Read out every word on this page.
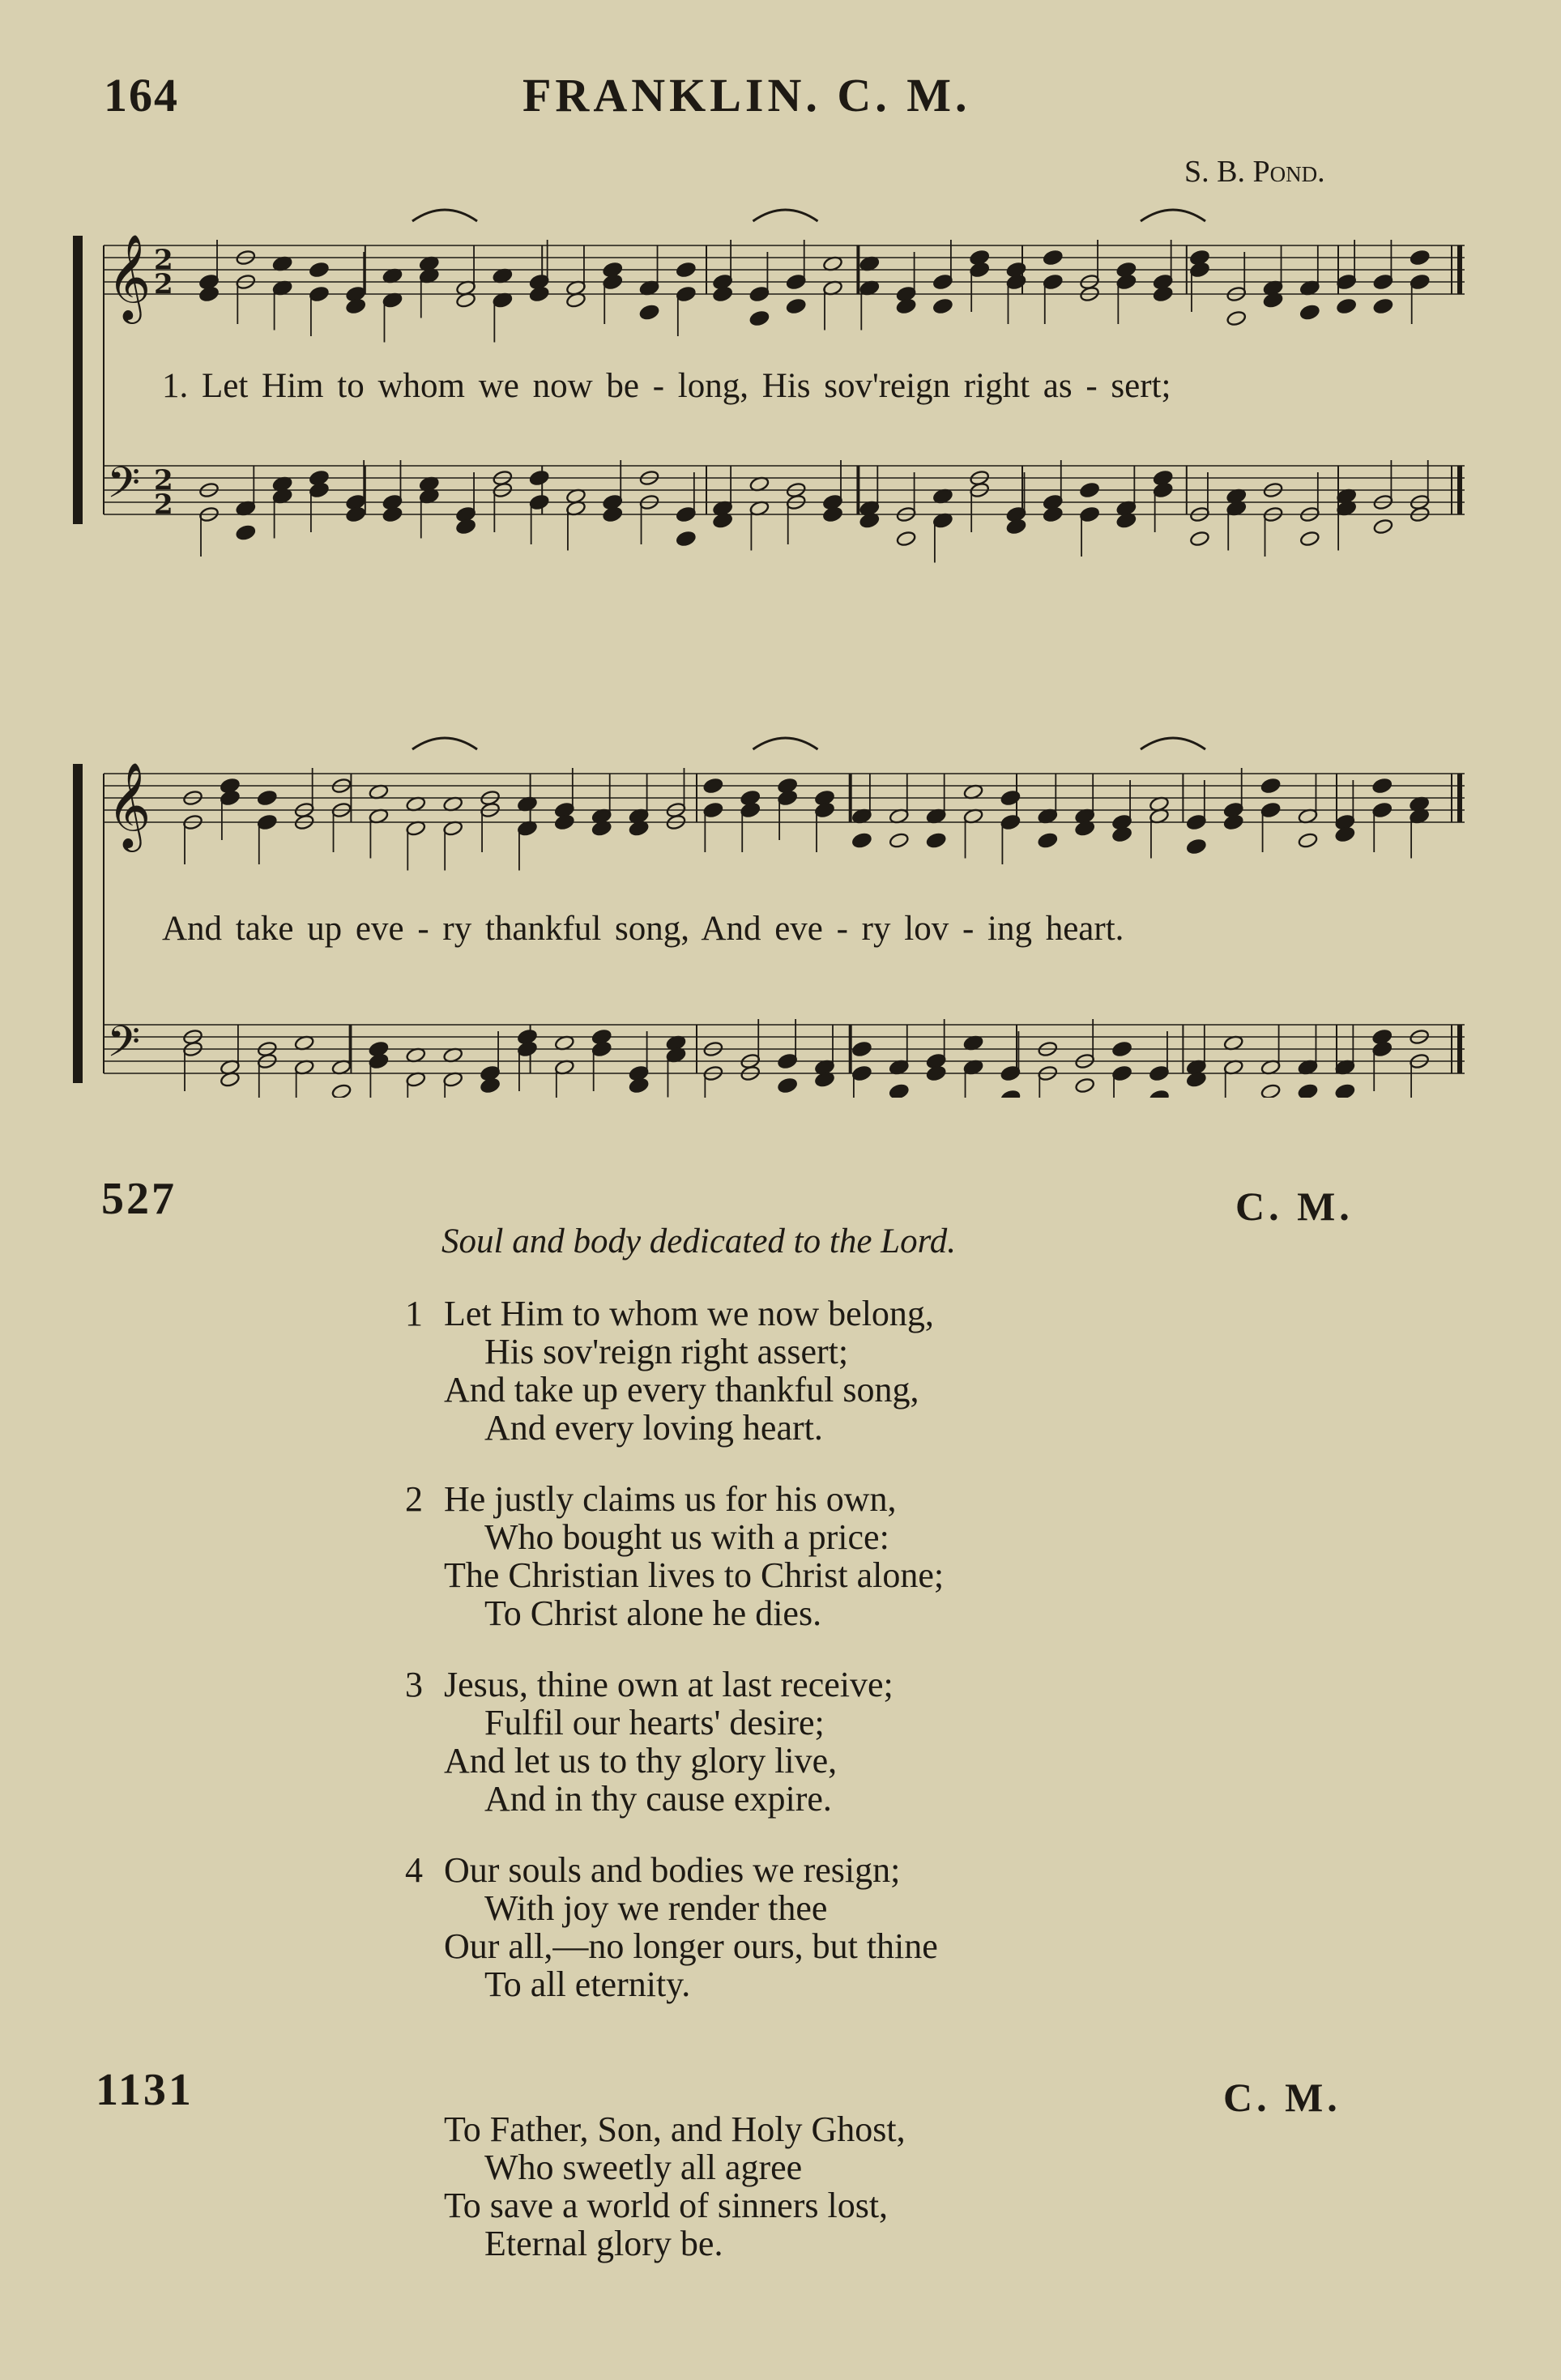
164	FRANKLIN. C. M.
S. B. Pond.
𝄞 2
2
𝄢 2
2
1. Let Him to whom we now be - long, His sov'reign right as - sert;
𝄞
𝄢
And take up eve - ry thankful song, And eve - ry lov - ing heart.
527	C. M.
Soul and body dedicated to the Lord.
1 Let Him to whom we now belong,
His sov'reign right assert;
And take up every thankful song,
And every loving heart.
2 He justly claims us for his own,
Who bought us with a price:
The Christian lives to Christ alone;
To Christ alone he dies.
3 Jesus, thine own at last receive;
Fulfil our hearts' desire;
And let us to thy glory live,
And in thy cause expire.
4 Our souls and bodies we resign;
With joy we render thee
Our all,—no longer ours, but thine
To all eternity.
1131	C. M.
To Father, Son, and Holy Ghost,
Who sweetly all agree
To save a world of sinners lost,
Eternal glory be.
